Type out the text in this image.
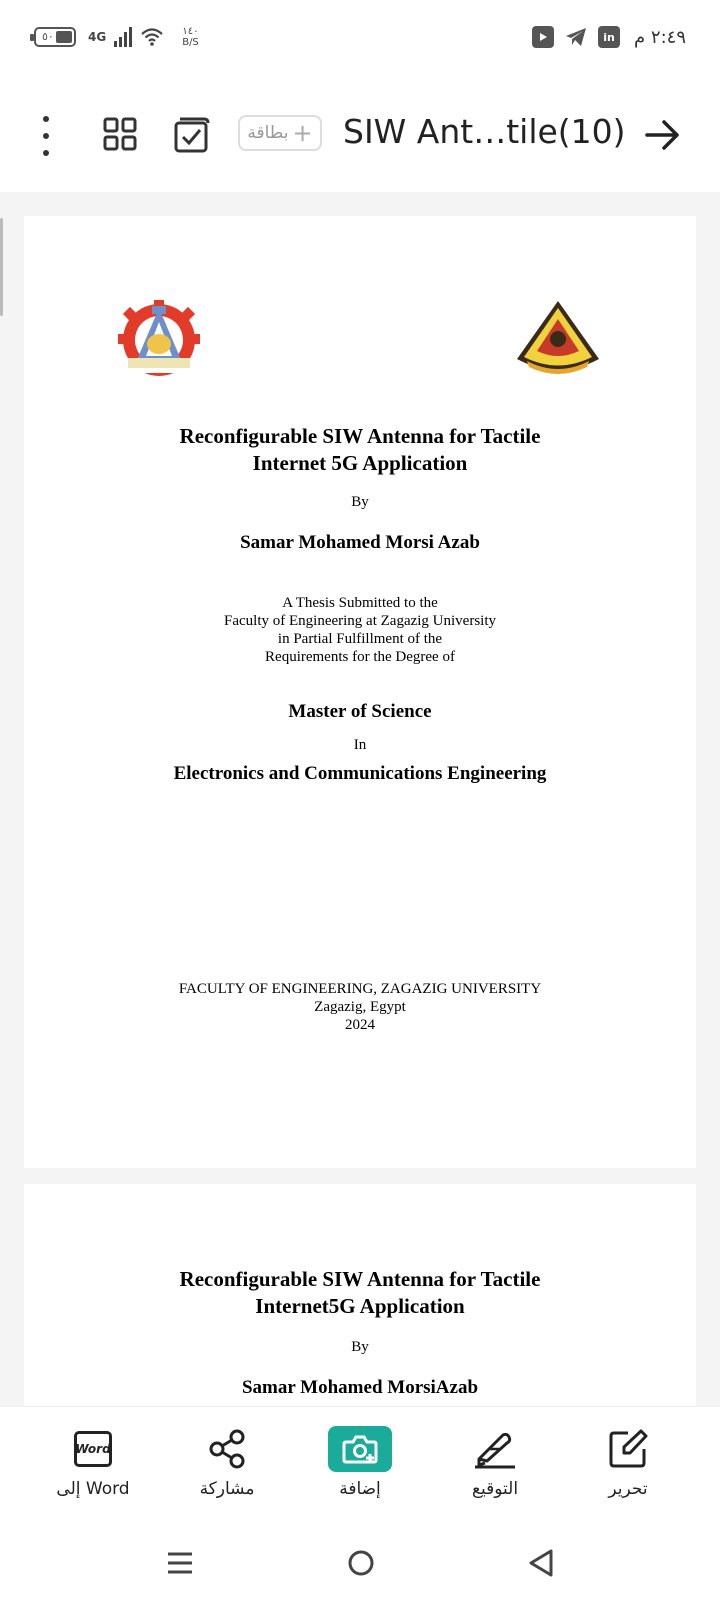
٥٠	4G	١٤٠
B/S	in ٢:٤٩ م
بطاقة + SIW Ant…tile(10)
Reconfigurable SIW Antenna for Tactile
Internet 5G Application
By
Samar Mohamed Morsi Azab
A Thesis Submitted to the
Faculty of Engineering at Zagazig University
in Partial Fulfillment of the
Requirements for the Degree of
Master of Science
In
Electronics and Communications Engineering
FACULTY OF ENGINEERING, ZAGAZIG UNIVERSITY
Zagazig, Egypt
2024
Reconfigurable SIW Antenna for Tactile
Internet5G Application
By
Samar Mohamed MorsiAzab
Word
إلى Word	مشاركة	إضافة	التوقيع	تحرير
